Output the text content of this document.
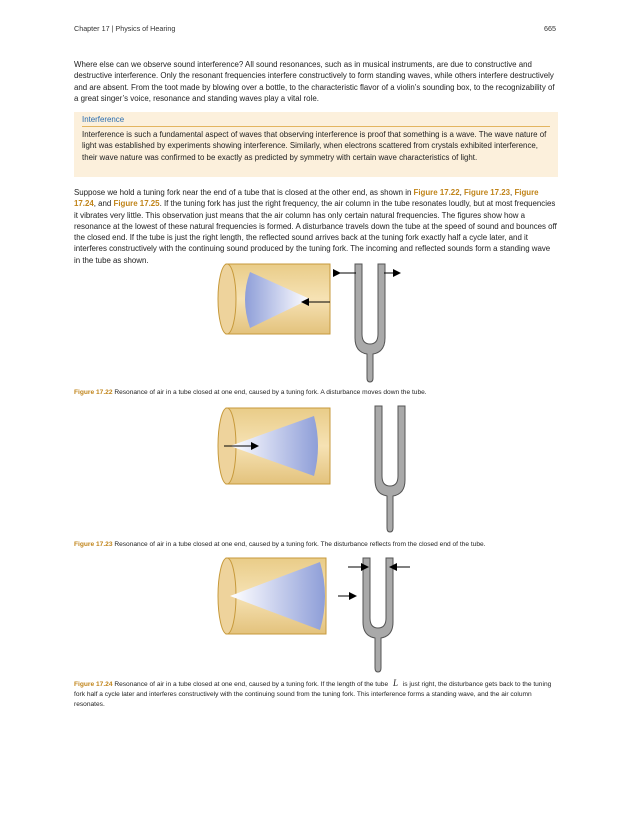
Chapter 17 | Physics of Hearing	665

Where else can we observe sound interference? All sound resonances, such as in musical instruments, are due to constructive and destructive interference. Only the resonant frequencies interfere constructively to form standing waves, while others interfere destructively and are absent. From the toot made by blowing over a bottle, to the characteristic flavor of a violin’s sounding box, to the recognizability of a great singer’s voice, resonance and standing waves play a vital role.

Interference

Interference is such a fundamental aspect of waves that observing interference is proof that something is a wave. The wave nature of light was established by experiments showing interference. Similarly, when electrons scattered from crystals exhibited interference, their wave nature was confirmed to be exactly as predicted by symmetry with certain wave characteristics of light.

Suppose we hold a tuning fork near the end of a tube that is closed at the other end, as shown in Figure 17.22, Figure 17.23, Figure 17.24, and Figure 17.25. If the tuning fork has just the right frequency, the air column in the tube resonates loudly, but at most frequencies it vibrates very little. This observation just means that the air column has only certain natural frequencies. The figures show how a resonance at the lowest of these natural frequencies is formed. A disturbance travels down the tube at the speed of sound and bounces off the closed end. If the tube is just the right length, the reflected sound arrives back at the tuning fork exactly half a cycle later, and it interferes constructively with the continuing sound produced by the tuning fork. The incoming and reflected sounds form a standing wave in the tube as shown.

Figure 17.22 Resonance of air in a tube closed at one end, caused by a tuning fork. A disturbance moves down the tube.

Figure 17.23 Resonance of air in a tube closed at one end, caused by a tuning fork. The disturbance reflects from the closed end of the tube.

Figure 17.24 Resonance of air in a tube closed at one end, caused by a tuning fork. If the length of the tube L is just right, the disturbance gets back to the tuning fork half a cycle later and interferes constructively with the continuing sound from the tuning fork. This interference forms a standing wave, and the air column resonates.
